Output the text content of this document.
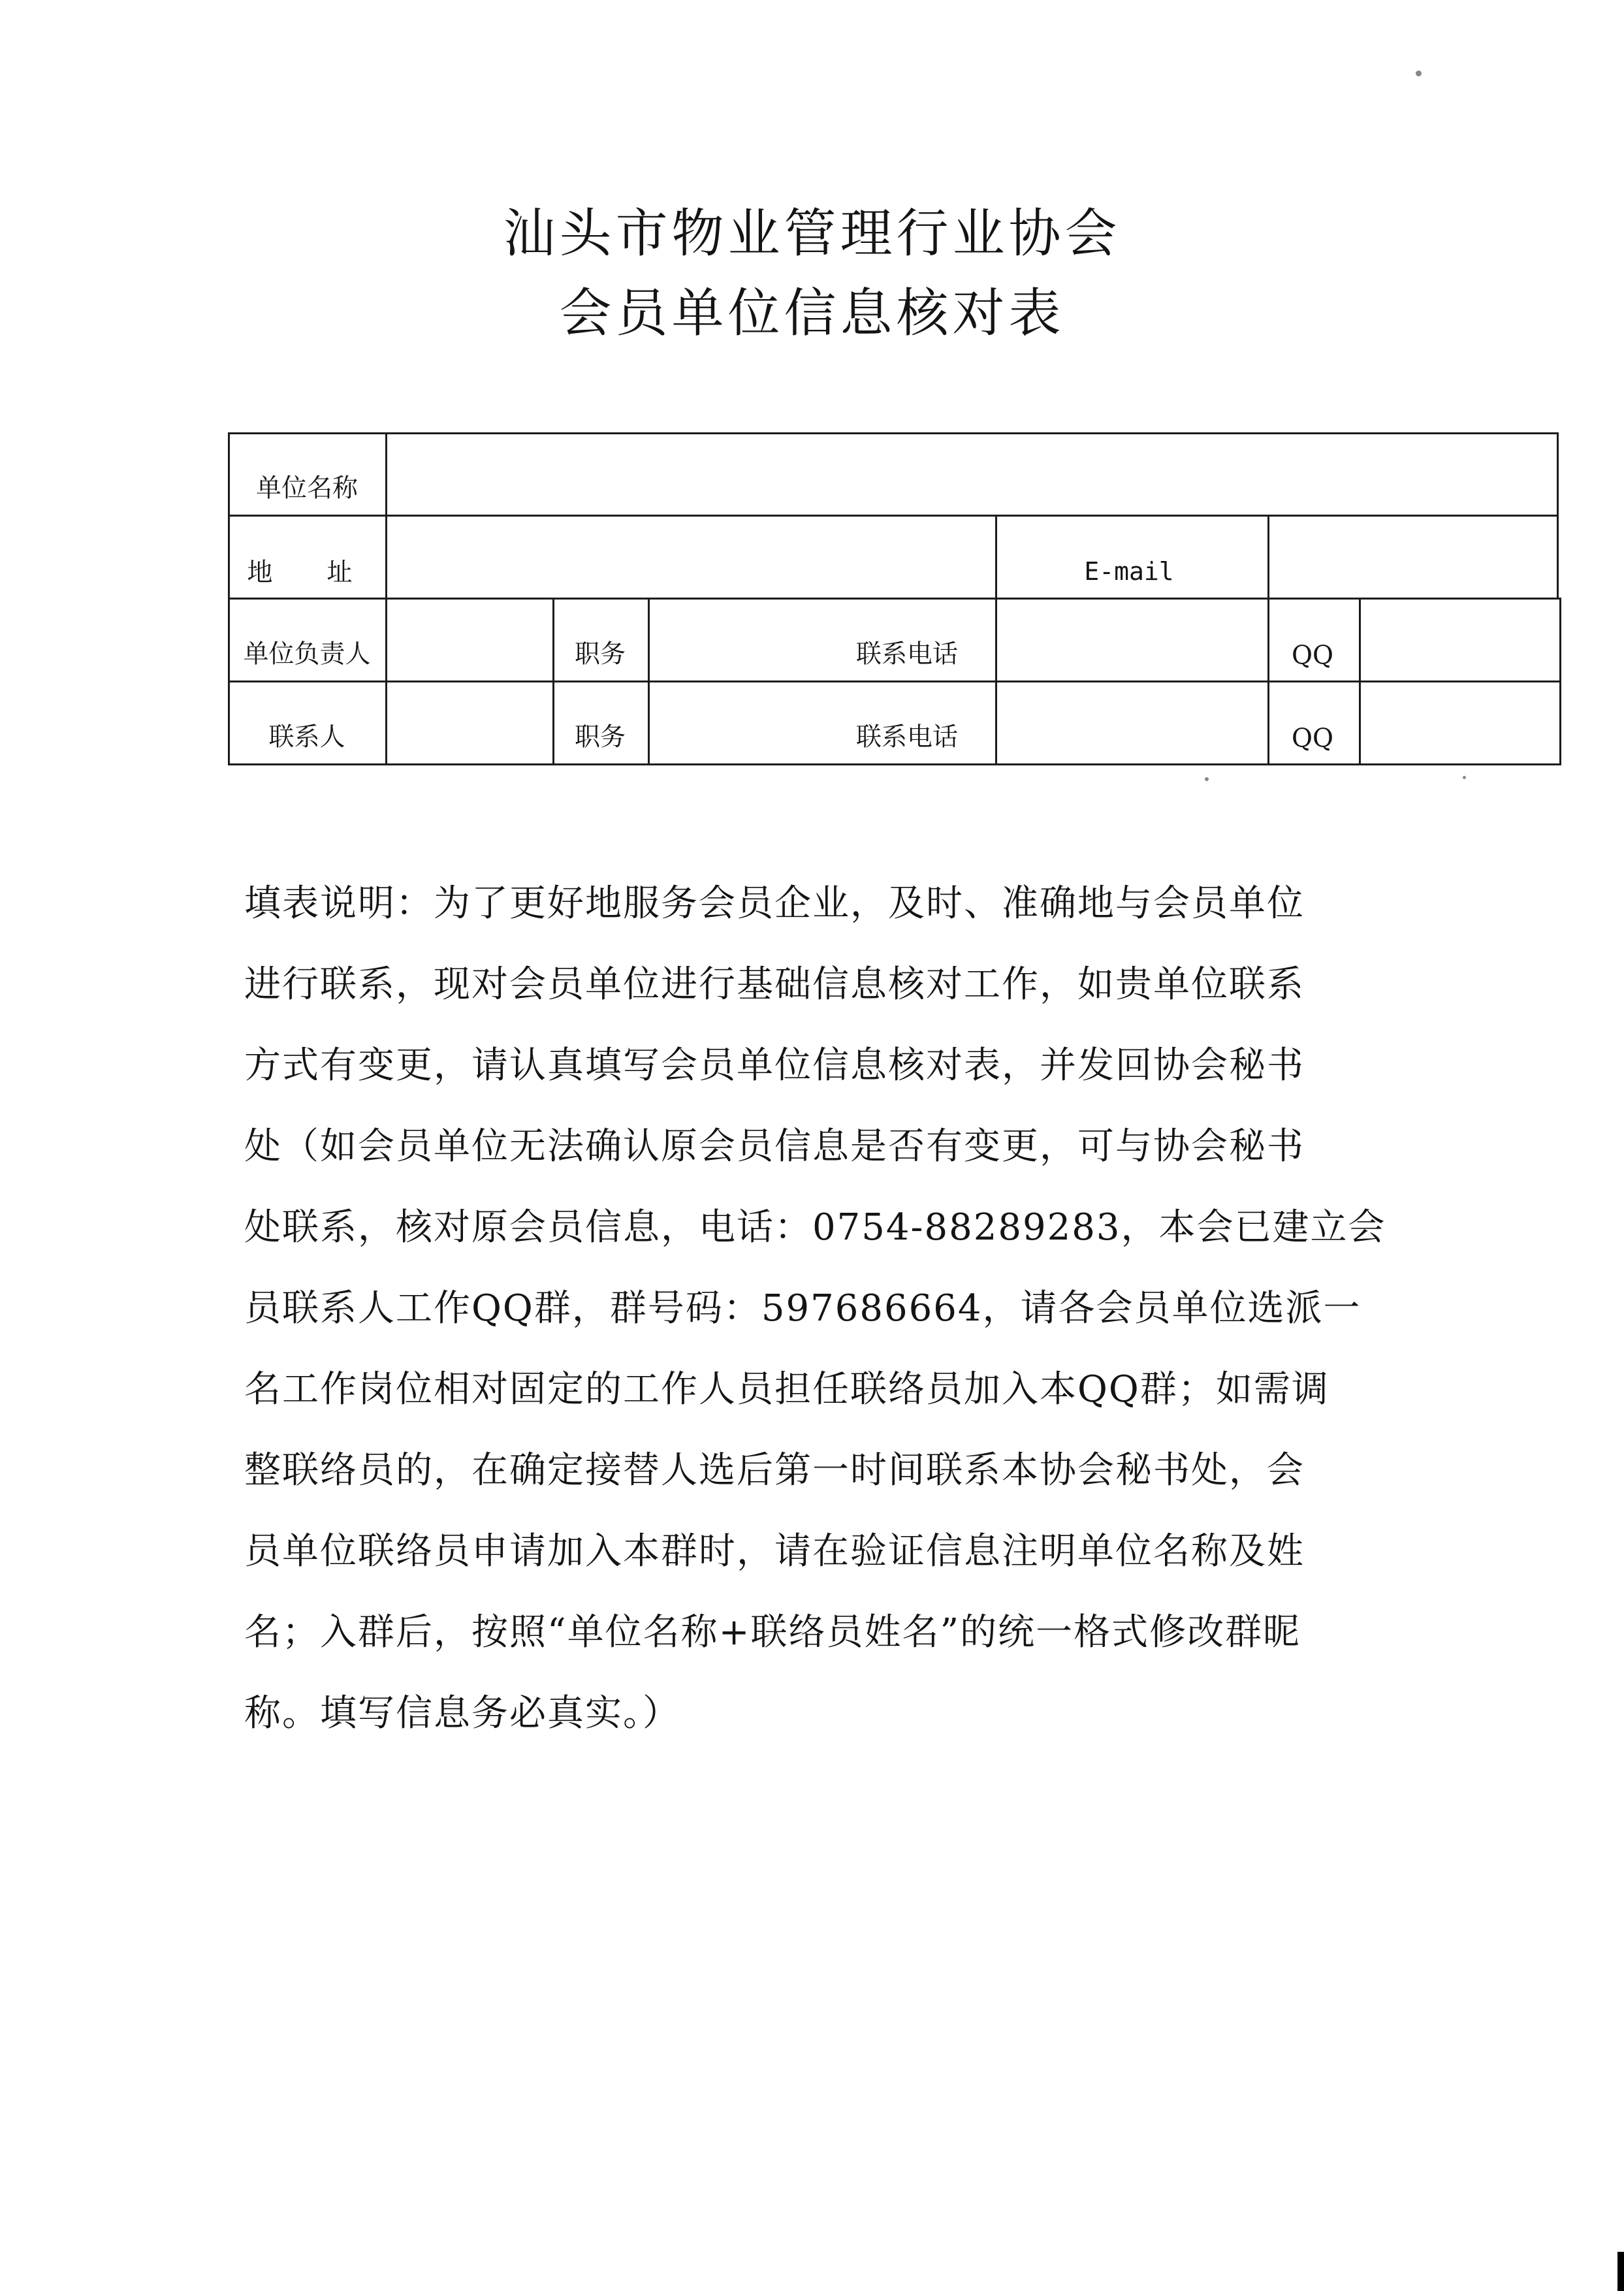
汕头市物业管理行业协会
会员单位信息核对表
单位名称
地　址	E-mail
单位负责人	职务	联系电话	QQ
联系人	职务	联系电话	QQ
填表说明：为了更好地服务会员企业，及时、准确地与会员单位
进行联系，现对会员单位进行基础信息核对工作，如贵单位联系
方式有变更，请认真填写会员单位信息核对表，并发回协会秘书
处（如会员单位无法确认原会员信息是否有变更，可与协会秘书
处联系，核对原会员信息，电话：0754-88289283，本会已建立会
员联系人工作QQ群，群号码：597686664，请各会员单位选派一
名工作岗位相对固定的工作人员担任联络员加入本QQ群；如需调
整联络员的，在确定接替人选后第一时间联系本协会秘书处，会
员单位联络员申请加入本群时，请在验证信息注明单位名称及姓
名；入群后，按照“单位名称+联络员姓名”的统一格式修改群昵
称。填写信息务必真实。）
